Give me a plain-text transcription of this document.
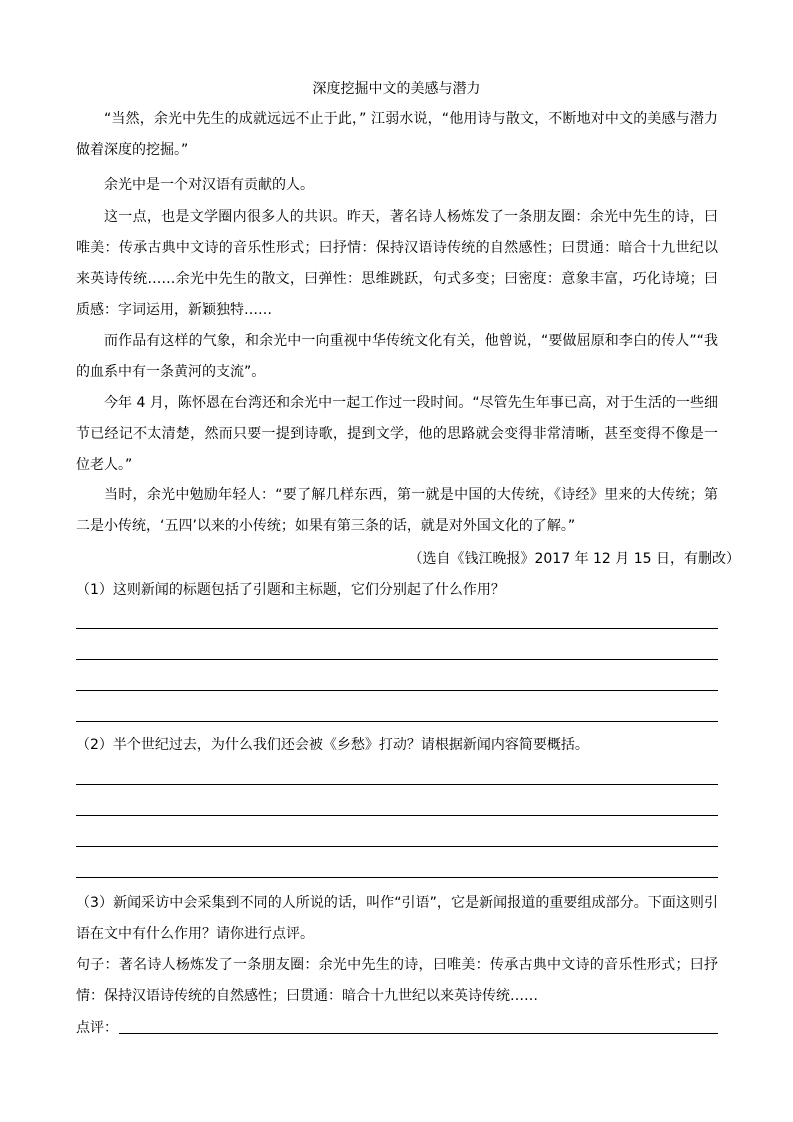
深度挖掘中文的美感与潜力

“当然，余光中先生的成就远远不止于此，” 江弱水说，“他用诗与散文，不断地对中文的美感与潜力做着深度的挖掘。”

余光中是一个对汉语有贡献的人。

这一点，也是文学圈内很多人的共识。昨天，著名诗人杨炼发了一条朋友圈：余光中先生的诗，曰唯美：传承古典中文诗的音乐性形式；曰抒情：保持汉语诗传统的自然感性；曰贯通：暗合十九世纪以来英诗传统……余光中先生的散文，曰弹性：思维跳跃，句式多变；曰密度：意象丰富，巧化诗境；曰质感：字词运用，新颖独特……

而作品有这样的气象，和余光中一向重视中华传统文化有关，他曾说，“要做屈原和李白的传人”“我的血系中有一条黄河的支流”。

今年 4 月，陈怀恩在台湾还和余光中一起工作过一段时间。“尽管先生年事已高，对于生活的一些细节已经记不太清楚，然而只要一提到诗歌，提到文学，他的思路就会变得非常清晰，甚至变得不像是一位老人。”

当时，余光中勉励年轻人：“要了解几样东西，第一就是中国的大传统，《诗经》里来的大传统；第二是小传统，‘五四’以来的小传统；如果有第三条的话，就是对外国文化的了解。”

（选自《钱江晚报》2017 年 12 月 15 日，有删改）

（1）这则新闻的标题包括了引题和主标题，它们分别起了什么作用？

（2）半个世纪过去，为什么我们还会被《乡愁》打动？请根据新闻内容简要概括。

（3）新闻采访中会采集到不同的人所说的话，叫作“引语”，它是新闻报道的重要组成部分。下面这则引语在文中有什么作用？请你进行点评。

句子：著名诗人杨炼发了一条朋友圈：余光中先生的诗，曰唯美：传承古典中文诗的音乐性形式；曰抒情：保持汉语诗传统的自然感性；曰贯通：暗合十九世纪以来英诗传统……

点评：
